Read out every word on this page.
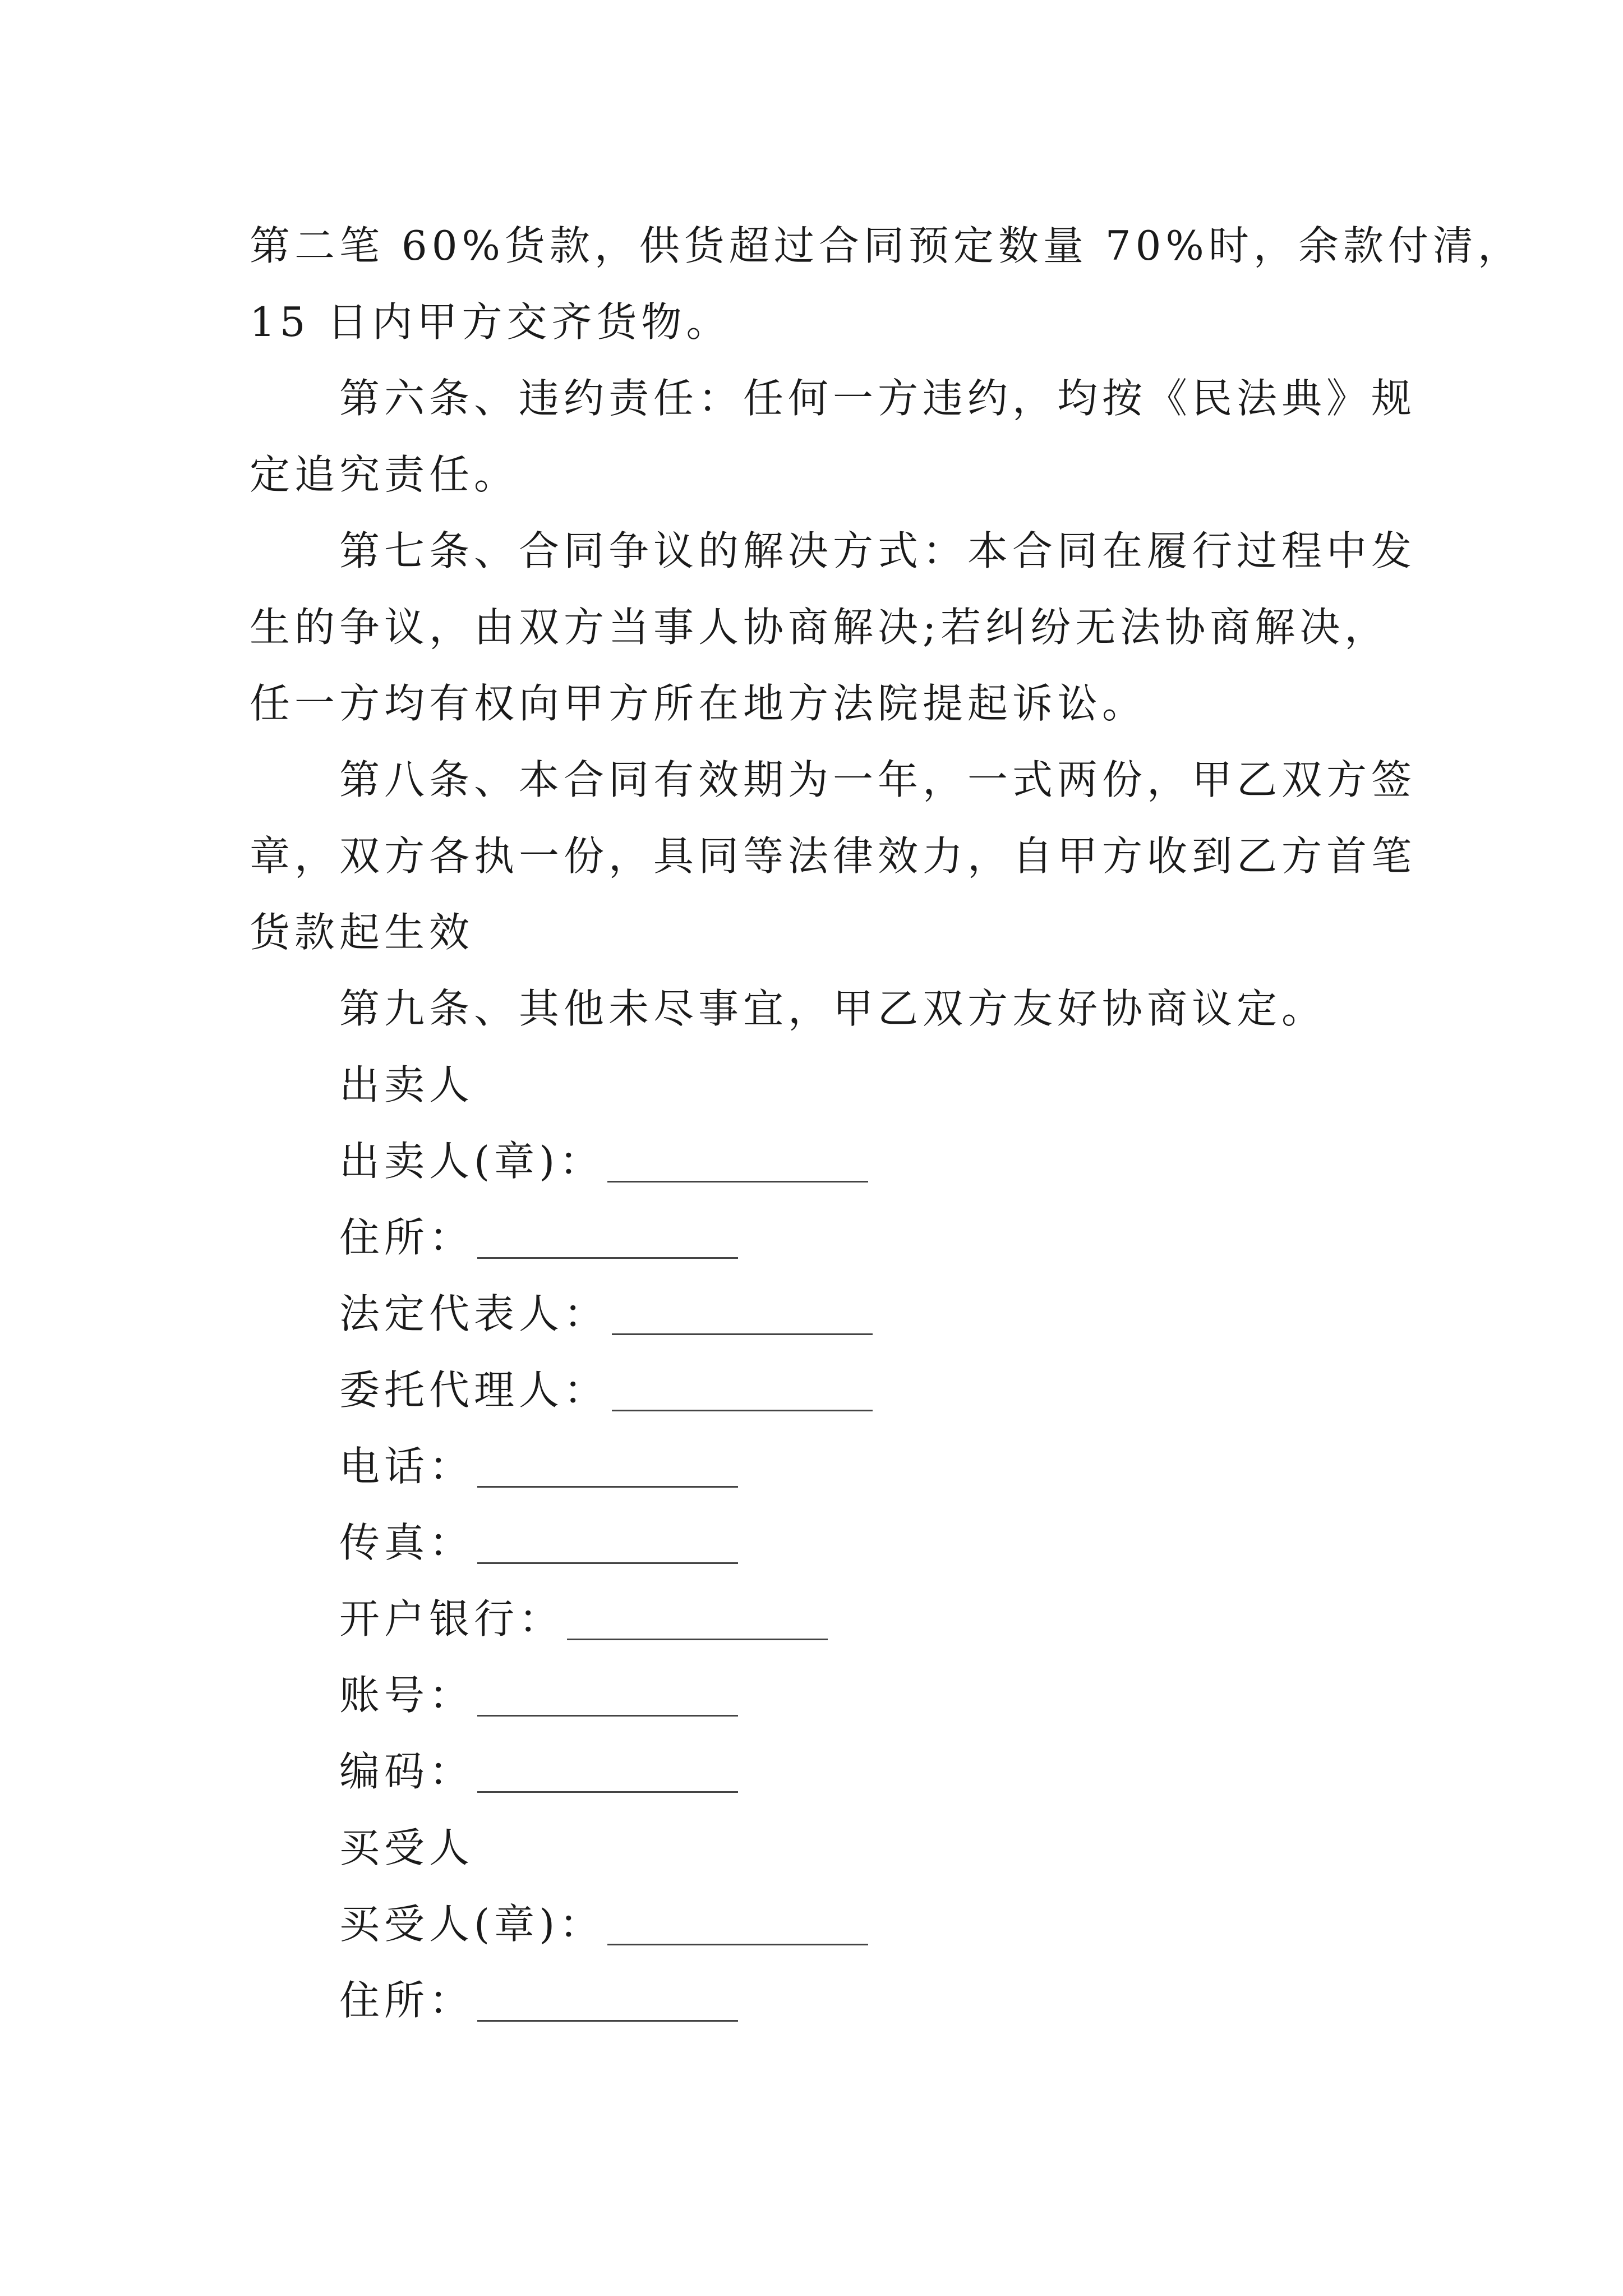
第二笔 60%货款，供货超过合同预定数量 70%时，余款付清，
15 日内甲方交齐货物。
第六条、违约责任：任何一方违约，均按《民法典》规
定追究责任。
第七条、合同争议的解决方式：本合同在履行过程中发
生的争议，由双方当事人协商解决;若纠纷无法协商解决，
任一方均有权向甲方所在地方法院提起诉讼。
第八条、本合同有效期为一年，一式两份，甲乙双方签
章，双方各执一份，具同等法律效力，自甲方收到乙方首笔
货款起生效
第九条、其他未尽事宜，甲乙双方友好协商议定。
出卖人
出卖人(章)：
住所：
法定代表人：
委托代理人：
电话：
传真：
开户银行：
账号：
编码：
买受人
买受人(章)：
住所：
